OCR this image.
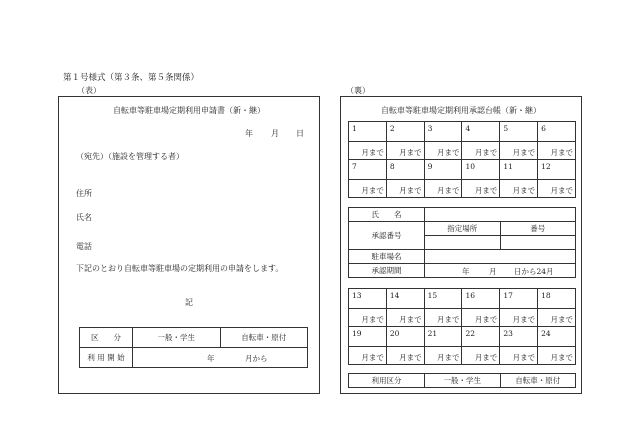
第１号様式（第３条、第５条関係）
（表）	（裏）
自転車等駐車場定期利用申請書（新・継）
年 月 日
（宛先）（施設を管理する者）
住所
氏名
電話
下記のとおり自転車等駐車場の定期利用の申請をします。
記
区　　分	一般・学生	自転車・原付
利 用 開 始	年 月から	
自転車等駐車場定期利用承認台帳（新・継）
1	2	3	4	5	6
月まで	月まで	月まで	月まで	月まで	月まで
7	8	9	10	11	12
月まで	月まで	月まで	月まで	月まで	月まで
氏　　名		
承認番号	指定場所	番号

駐車場名		
承認期間	年 月 日から24月	
13	14	15	16	17	18
月まで	月まで	月まで	月まで	月まで	月まで
19	20	21	22	23	24
月まで	月まで	月まで	月まで	月まで	月まで
利用区分	一般・学生	自転車・原付
